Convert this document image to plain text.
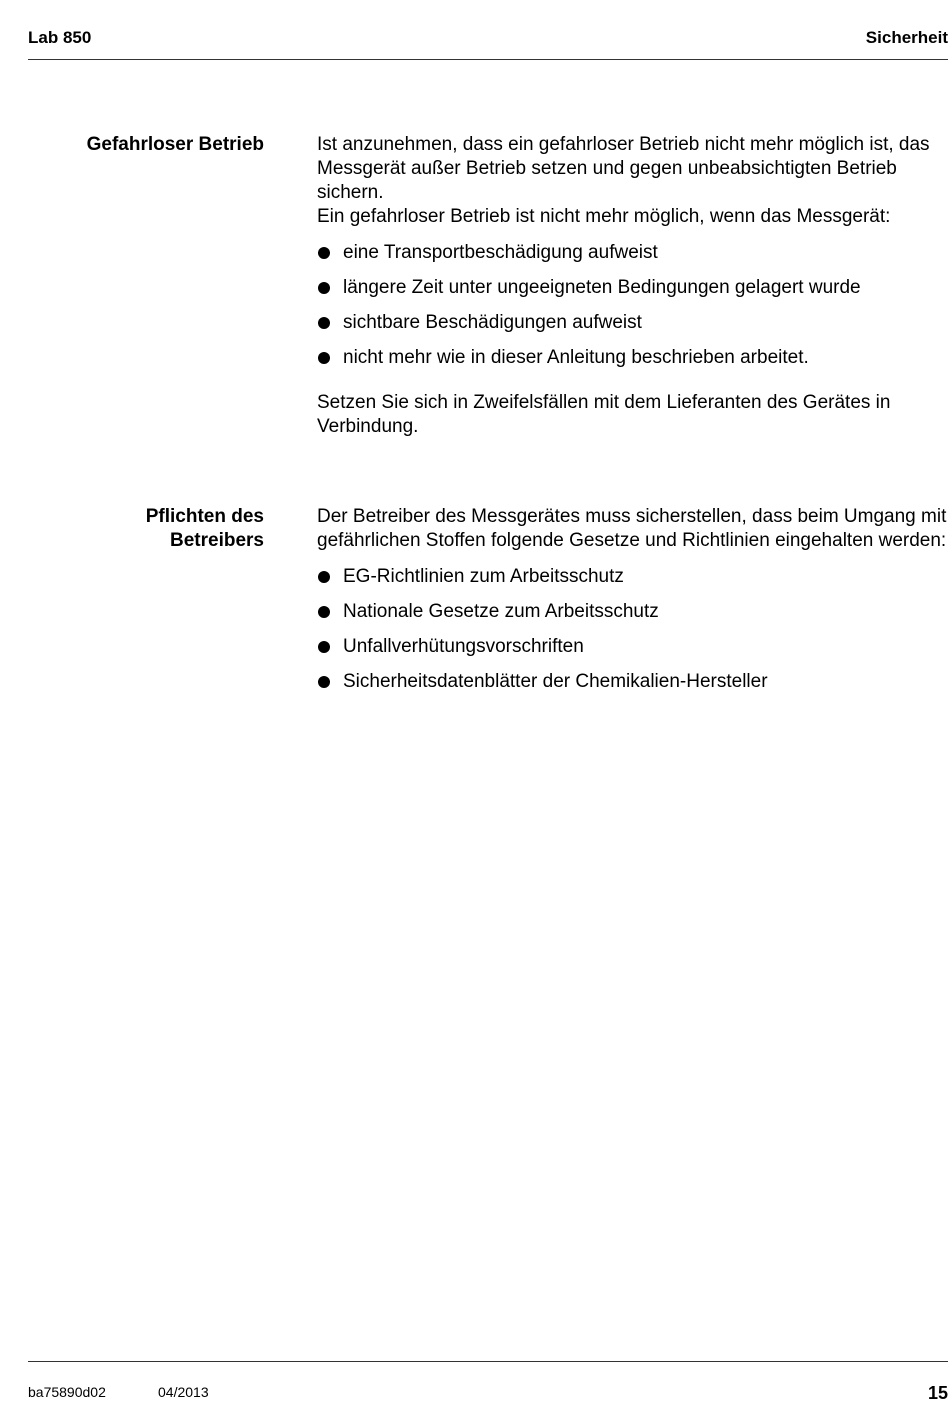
Lab 850	Sicherheit
Gefahrloser Betrieb	Ist anzunehmen, dass ein gefahrloser Betrieb nicht mehr möglich ist, das Messgerät außer Betrieb setzen und gegen unbeabsichtigten Betrieb sichern.

Ein gefahrloser Betrieb ist nicht mehr möglich, wenn das Messgerät:

eine Transportbeschädigung aufweist
längere Zeit unter ungeeigneten Bedingungen gelagert wurde
sichtbare Beschädigungen aufweist
nicht mehr wie in dieser Anleitung beschrieben arbeitet.

Setzen Sie sich in Zweifelsfällen mit dem Lieferanten des Gerätes in Verbindung.

Pflichten des
Betreibers

Der Betreiber des Messgerätes muss sicherstellen, dass beim Umgang mit gefährlichen Stoffen folgende Gesetze und Richtlinien eingehalten werden:

EG-Richtlinien zum Arbeitsschutz
Nationale Gesetze zum Arbeitsschutz
Unfallverhütungsvorschriften
Sicherheitsdatenblätter der Chemikalien-Hersteller
ba75890d02	04/2013	15
